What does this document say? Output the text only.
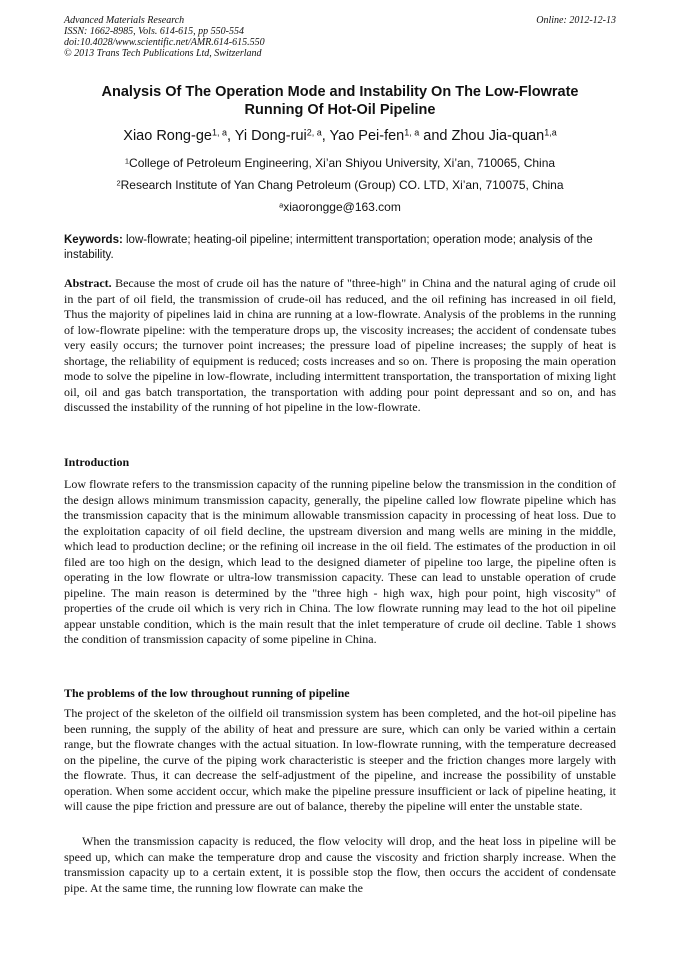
Advanced Materials Research
ISSN: 1662-8985, Vols. 614-615, pp 550-554
doi:10.4028/www.scientific.net/AMR.614-615.550
© 2013 Trans Tech Publications Ltd, Switzerland
Online: 2012-12-13
Analysis Of The Operation Mode and Instability On The Low-Flowrate
Running Of Hot-Oil Pipeline
Xiao Rong-ge$^{1, a}$, Yi Dong-rui$^{2, a}$, Yao Pei-fen$^{1, a}$ and Zhou Jia-quan$^{1,a}$
$^1$College of Petroleum Engineering, Xi’an Shiyou University, Xi’an, 710065, China
$^2$Research Institute of Yan Chang Petroleum (Group) CO. LTD, Xi’an, 710075, China
$^a$xiaorongge@163.com
Keywords: low-flowrate; heating-oil pipeline; intermittent transportation; operation mode; analysis of the instability.
Abstract. Because the most of crude oil has the nature of "three-high" in China and the natural aging of crude oil in the part of oil field, the transmission of crude-oil has reduced, and the oil refining has increased in oil field, Thus the majority of pipelines laid in china are running at a low-flowrate. Analysis of the problems in the running of low-flowrate pipeline: with the temperature drops up, the viscosity increases; the accident of condensate tubes very easily occurs; the turnover point increases; the pressure load of pipeline increases; the supply of heat is shortage, the reliability of equipment is reduced; costs increases and so on. There is proposing the main operation mode to solve the pipeline in low-flowrate, including intermittent transportation, the transportation of mixing light oil, oil and gas batch transportation, the transportation with adding pour point depressant and so on, and has discussed the instability of the running of hot pipeline in the low-flowrate.
Introduction
Low flowrate refers to the transmission capacity of the running pipeline below the transmission in the condition of the design allows minimum transmission capacity, generally, the pipeline called low flowrate pipeline which has the transmission capacity that is the minimum allowable transmission capacity in processing of heat loss. Due to the exploitation capacity of oil field decline, the upstream diversion and mang wells are mining in the middle, which lead to production decline; or the refining oil increase in the oil field. The estimates of the production in oil filed are too high on the design, which lead to the designed diameter of pipeline too large, the pipeline often is operating in the low flowrate or ultra-low transmission capacity. These can lead to unstable operation of crude pipeline. The main reason is determined by the "three high - high wax, high pour point, high viscosity" of properties of the crude oil which is very rich in China. The low flowrate running may lead to the hot oil pipeline appear unstable condition, which is the main result that the inlet temperature of crude oil decline. Table 1 shows the condition of transmission capacity of some pipeline in China.
The problems of the low throughout running of pipeline
The project of the skeleton of the oilfield oil transmission system has been completed, and the hot-oil pipeline has been running, the supply of the ability of heat and pressure are sure, which can only be varied within a certain range, but the flowrate changes with the actual situation. In low-flowrate running, with the temperature decreased on the pipeline, the curve of the piping work characteristic is steeper and the friction changes more largely with the flowrate. Thus, it can decrease the self-adjustment of the pipeline, and increase the possibility of unstable operation. When some accident occur, which make the pipeline pressure insufficient or lack of pipeline heating, it will cause the pipe friction and pressure are out of balance, thereby the pipeline will enter the unstable state.
When the transmission capacity is reduced, the flow velocity will drop, and the heat loss in pipeline will be speed up, which can make the temperature drop and cause the viscosity and friction sharply increase. When the transmission capacity up to a certain extent, it is possible stop the flow, then occurs the accident of condensate pipe. At the same time, the running low flowrate can make the
